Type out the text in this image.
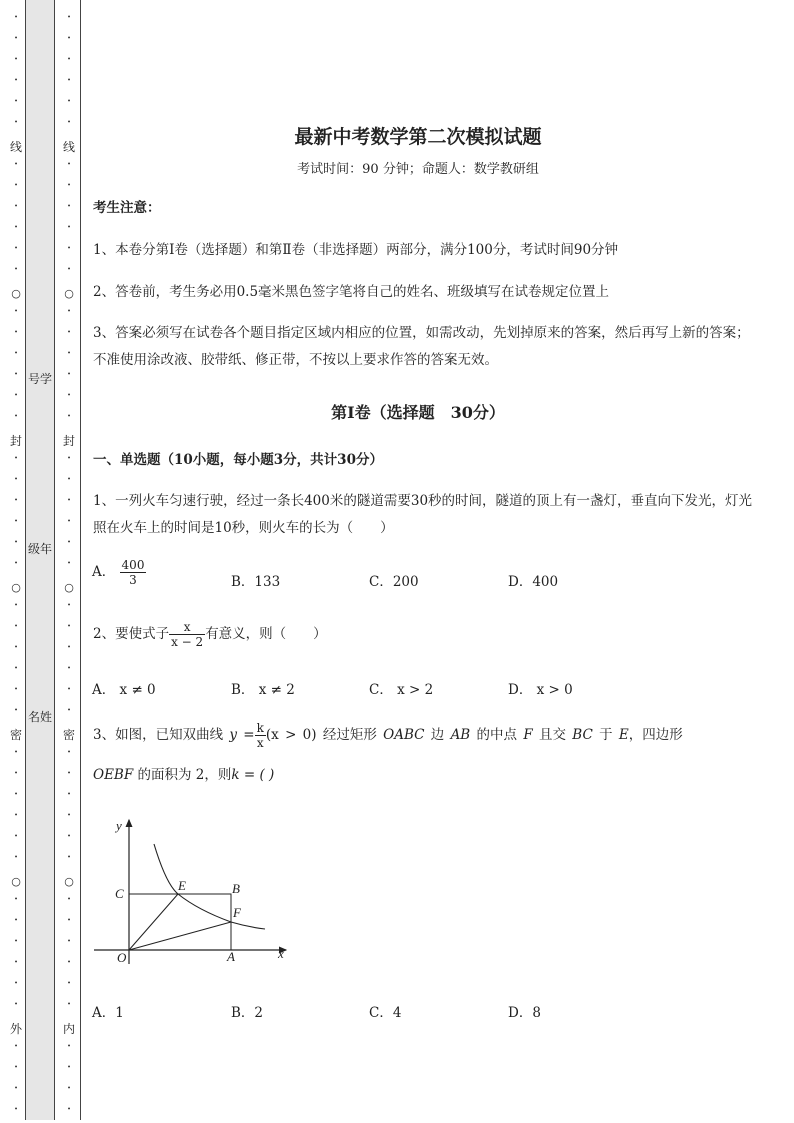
号学
级年
名姓
•
•
•
•
•
•
线
•
•
•
•
•
•
○
•
•
•
•
•
•
封
•
•
•
•
•
•
○
•
•
•
•
•
•
密
•
•
•
•
•
•
○
•
•
•
•
•
•
外
•
•
•
•
•
•
•
•
•
•
线
•
•
•
•
•
•
○
•
•
•
•
•
•
封
•
•
•
•
•
•
○
•
•
•
•
•
•
密
•
•
•
•
•
•
○
•
•
•
•
•
•
内
•
•
•
•
最新中考数学第二次模拟试题
考试时间：90 分钟；命题人：数学教研组
考生注意：
1、本卷分第Ⅰ卷（选择题）和第Ⅱ卷（非选择题）两部分，满分100分，考试时间90分钟
2、答卷前，考生务必用0.5毫米黑色签字笔将自己的姓名、班级填写在试卷规定位置上
3、答案必须写在试卷各个题目指定区域内相应的位置，如需改动，先划掉原来的答案，然后再写上新的答案；不准使用涂改液、胶带纸、修正带，不按以上要求作答的答案无效。
第Ⅰ卷（选择题　30分）
一、单选题（10小题，每小题3分，共计30分）
1、一列火车匀速行驶，经过一条长400米的隧道需要30秒的时间，隧道的顶上有一盏灯，垂直向下发光，灯光照在火车上的时间是10秒，则火车的长为（　　）
A． $\frac{400}{3}$	B．133	C．200	D．400
2、要使式子 $\frac{x}{x - 2}$ 有意义，则（　　）
A． x ≠ 0	B． x ≠ 2	C． x > 2	D． x > 0
3、如图，已知双曲线 $y = \frac{k}{x} (x > 0)$ 经过矩形 OABC 边 AB 的中点 F 且交 BC 于 E，四边形
OEBF 的面积为 2，则k = ( )
y
x
O	A
B
C
E
F
A．1	B．2	C．4	D．8
